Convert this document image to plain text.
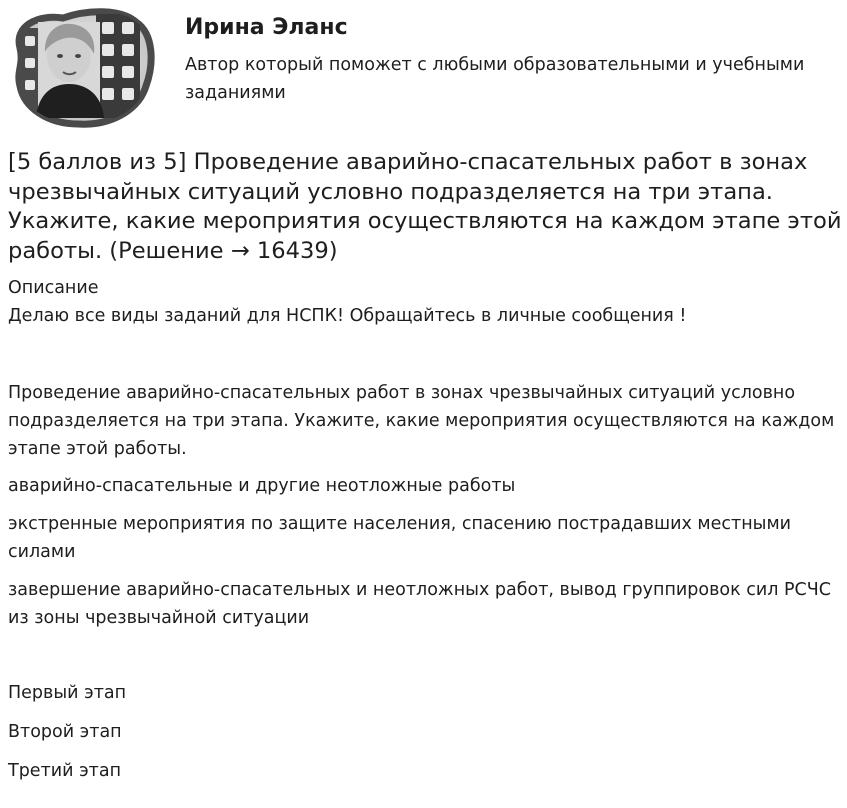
Ирина Эланс
Автор который поможет с любыми образовательными и учебными заданиями
[5 баллов из 5] Проведение аварийно-спасательных работ в зонах чрезвычайных ситуаций условно подразделяется на три этапа. Укажите, какие мероприятия осуществляются на каждом этапе этой работы. (Решение → 16439)

Описание

Делаю все виды заданий для НСПК! Обращайтесь в личные сообщения !

Проведение аварийно-спасательных работ в зонах чрезвычайных ситуаций условно подразделяется на три этапа. Укажите, какие мероприятия осуществляются на каждом этапе этой работы.

аварийно-спасательные и другие неотложные работы

экстренные мероприятия по защите населения, спасению пострадавших местными силами

завершение аварийно-спасательных и неотложных работ, вывод группировок сил РСЧС из зоны чрезвычайной ситуации

Первый этап

Второй этап

Третий этап
